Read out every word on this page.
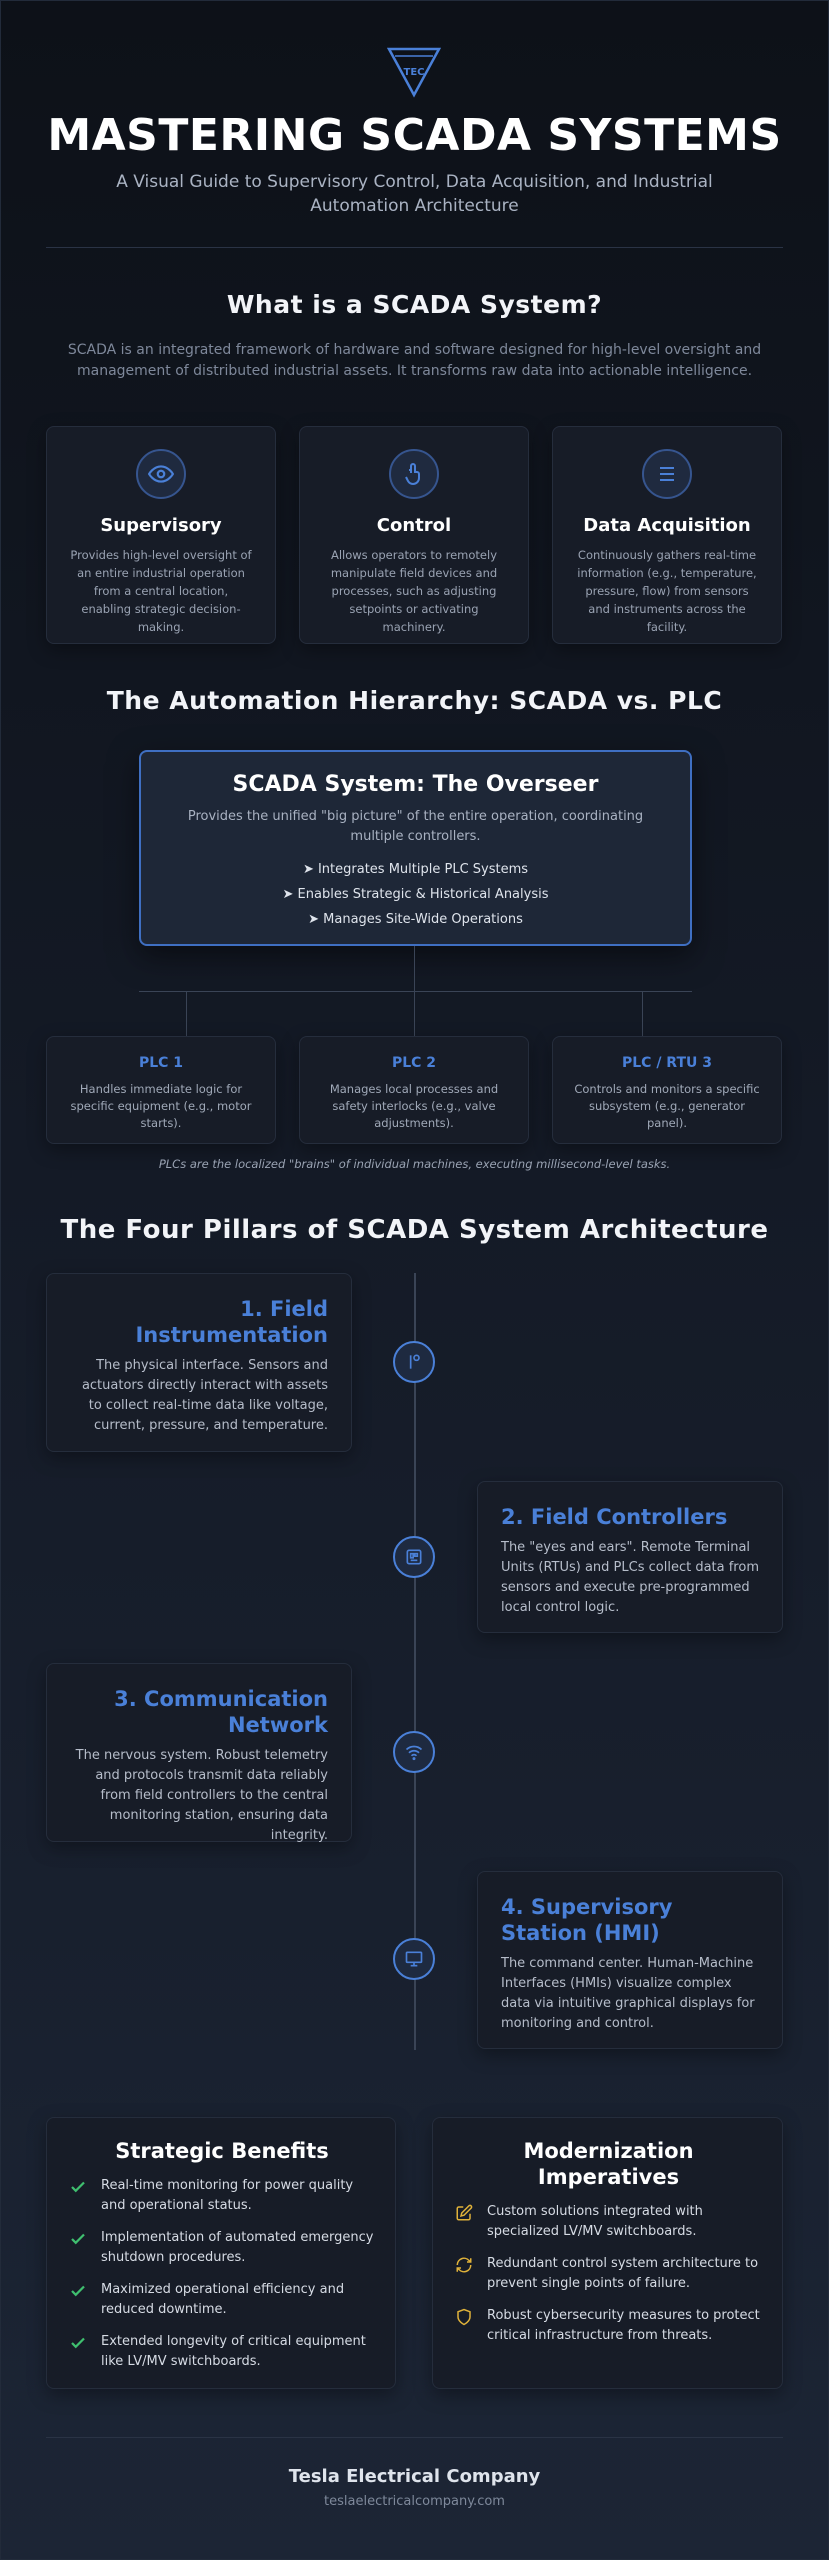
TEC
MASTERING SCADA SYSTEMS
A Visual Guide to Supervisory Control, Data Acquisition, and Industrial Automation Architecture
What is a SCADA System?
SCADA is an integrated framework of hardware and software designed for high-level oversight and management of distributed industrial assets. It transforms raw data into actionable intelligence.
Supervisory
Provides high-level oversight of an entire industrial operation from a central location, enabling strategic decision-making.
Control
Allows operators to remotely manipulate field devices and processes, such as adjusting setpoints or activating machinery.
Data Acquisition
Continuously gathers real-time information (e.g., temperature, pressure, flow) from sensors and instruments across the facility.
The Automation Hierarchy: SCADA vs. PLC
SCADA System: The Overseer
Provides the unified "big picture" of the entire operation, coordinating multiple controllers.
➤ Integrates Multiple PLC Systems
➤ Enables Strategic & Historical Analysis
➤ Manages Site-Wide Operations
PLC 1
Handles immediate logic for specific equipment (e.g., motor starts).
PLC 2
Manages local processes and safety interlocks (e.g., valve adjustments).
PLC / RTU 3
Controls and monitors a specific subsystem (e.g., generator panel).
PLCs are the localized "brains" of individual machines, executing millisecond-level tasks.
The Four Pillars of SCADA System Architecture
1. Field Instrumentation
The physical interface. Sensors and actuators directly interact with assets to collect real-time data like voltage, current, pressure, and temperature.
2. Field Controllers
The "eyes and ears". Remote Terminal Units (RTUs) and PLCs collect data from sensors and execute pre-programmed local control logic.
3. Communication Network
The nervous system. Robust telemetry and protocols transmit data reliably from field controllers to the central monitoring station, ensuring data integrity.
4. Supervisory Station (HMI)
The command center. Human-Machine Interfaces (HMIs) visualize complex data via intuitive graphical displays for monitoring and control.
Strategic Benefits
Real-time monitoring for power quality and operational status.
Implementation of automated emergency shutdown procedures.
Maximized operational efficiency and reduced downtime.
Extended longevity of critical equipment like LV/MV switchboards.
Modernization Imperatives
Custom solutions integrated with specialized LV/MV switchboards.
Redundant control system architecture to prevent single points of failure.
Robust cybersecurity measures to protect critical infrastructure from threats.
Tesla Electrical Company
teslaelectricalcompany.com
